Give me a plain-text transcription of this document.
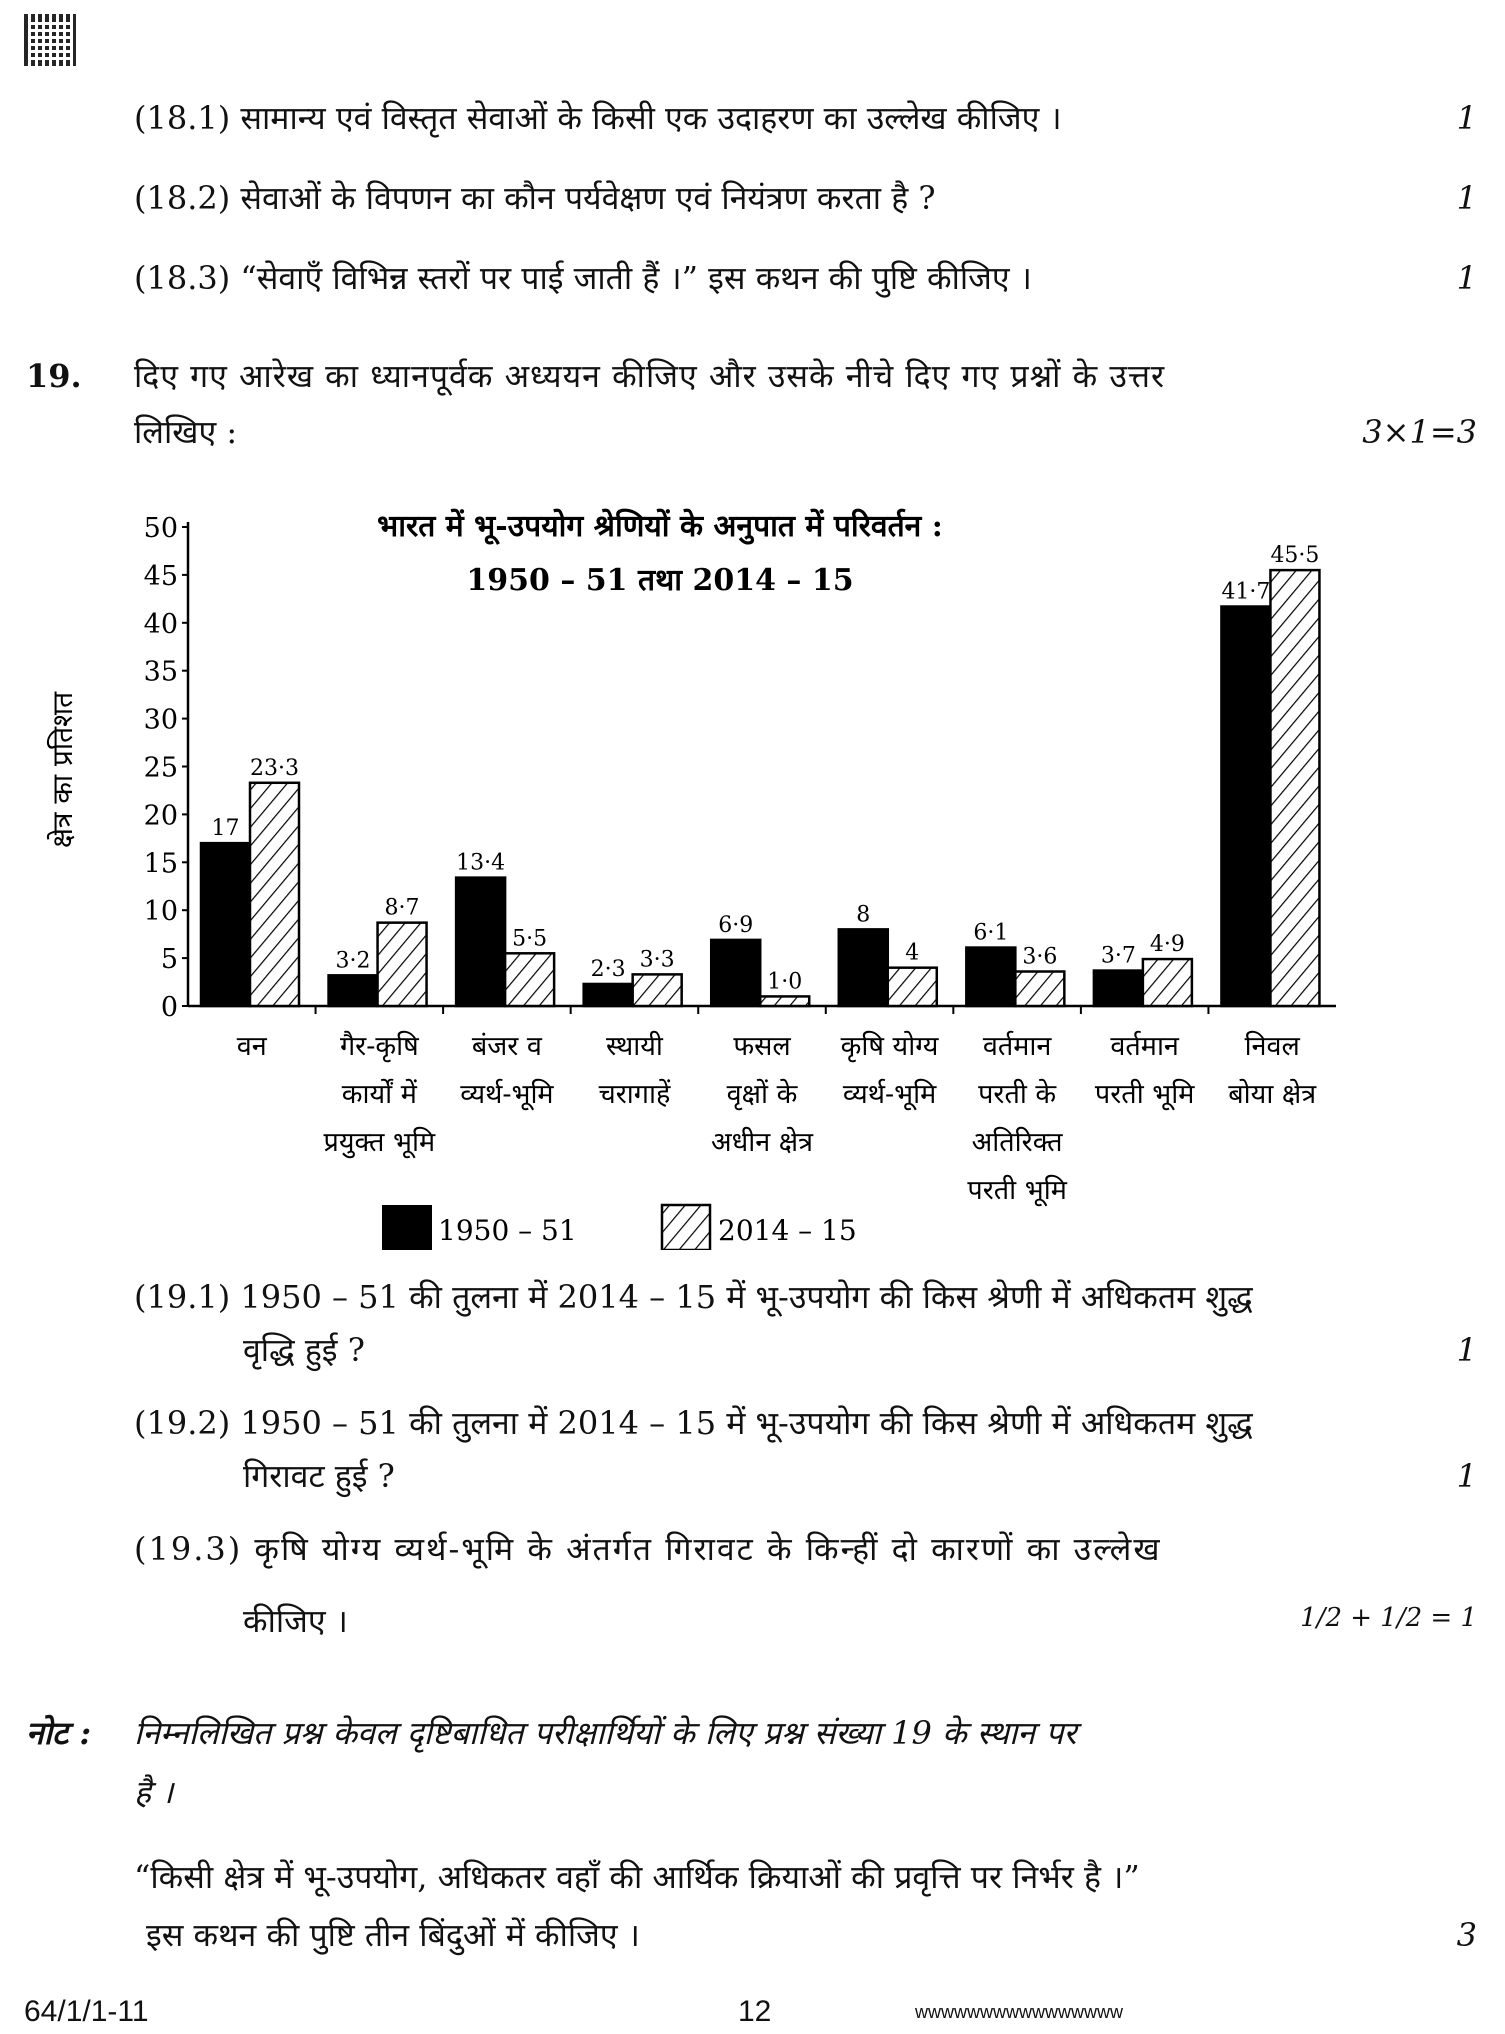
(18.1) सामान्य एवं विस्तृत सेवाओं के किसी एक उदाहरण का उल्लेख कीजिए ।	1
(18.2) सेवाओं के विपणन का कौन पर्यवेक्षण एवं नियंत्रण करता है ?	1
(18.3) “सेवाएँ विभिन्न स्तरों पर पाई जाती हैं ।” इस कथन की पुष्टि कीजिए ।	1
19. दिए गए आरेख का ध्यानपूर्वक अध्ययन कीजिए और उसके नीचे दिए गए प्रश्नों के उत्तर
लिखिए :	3×1=3
भारत में भू-उपयोग श्रेणियों के अनुपात में परिवर्तन :
1950 – 51 तथा 2014 – 15
क्षेत्र का प्रतिशत
0
5
10
15
20
25
30
35
40
45
50
17
23·3
3·2
8·7
13·4
5·5
2·3 3·3
6·9
1·0
8
4
6·1
3·6 3·7 4·9
41·7
45·5
वन	गैर-कृषि
कार्यों में
प्रयुक्त भूमि
बंजर व
व्यर्थ-भूमि
स्थायी
चरागाहें
फसल
वृक्षों के
अधीन क्षेत्र
कृषि योग्य
व्यर्थ-भूमि
वर्तमान
परती के
अतिरिक्त
परती भूमि
वर्तमान
परती भूमि
निवल
बोया क्षेत्र
1950 – 51	2014 – 15
(19.1) 1950 – 51 की तुलना में 2014 – 15 में भू-उपयोग की किस श्रेणी में अधिकतम शुद्ध
वृद्धि हुई ?	1
(19.2) 1950 – 51 की तुलना में 2014 – 15 में भू-उपयोग की किस श्रेणी में अधिकतम शुद्ध
गिरावट हुई ?	1
(19.3) कृषि योग्य व्यर्थ-भूमि के अंतर्गत गिरावट के किन्हीं दो कारणों का उल्लेख
कीजिए ।	1/2 + 1/2 = 1
नोट : निम्नलिखित प्रश्न केवल दृष्टिबाधित परीक्षार्थियों के लिए प्रश्न संख्या 19 के स्थान पर
है ।
“किसी क्षेत्र में भू-उपयोग, अधिकतर वहाँ की आर्थिक क्रियाओं की प्रवृत्ति पर निर्भर है ।”
इस कथन की पुष्टि तीन बिंदुओं में कीजिए ।	3
64/1/1-11	12	wwwwwwwwwwwwwwww
